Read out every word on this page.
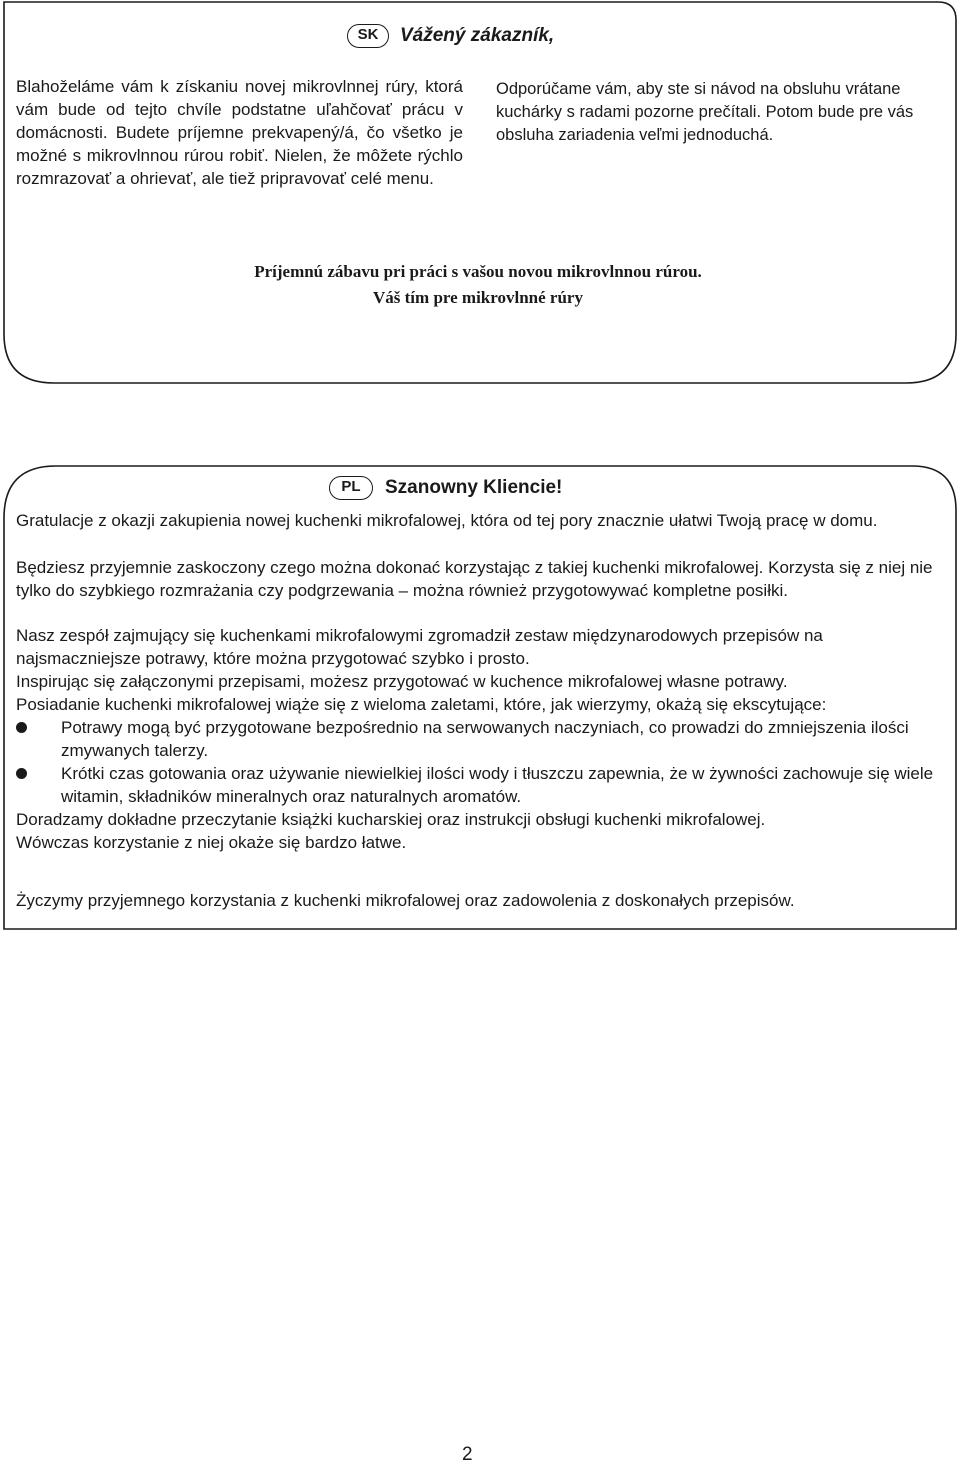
SK	Vážený zákazník,

Blahoželáme vám k získaniu novej mikrovlnnej rúry, ktorá vám bude od tejto chvíle podstatne uľahčovať prácu v domácnosti. Budete príjemne prekvapený/á, čo všetko je možné s mikrovlnnou rúrou robiť. Nielen, že môžete rýchlo rozmrazovať a ohrievať, ale tiež pripravovať celé menu.

Odporúčame vám, aby ste si návod na obsluhu vrátane kuchárky s radami pozorne prečítali. Potom bude pre vás obsluha zariadenia veľmi jednoduchá.

Príjemnú zábavu pri práci s vašou novou mikrovlnnou rúrou.
Váš tím pre mikrovlnné rúry
PL	Szanowny Kliencie!

Gratulacje z okazji zakupienia nowej kuchenki mikrofalowej, która od tej pory znacznie ułatwi Twoją pracę w domu.

Będziesz przyjemnie zaskoczony czego można dokonać korzystając z takiej kuchenki mikrofalowej. Korzysta się z niej nie tylko do szybkiego rozmrażania czy podgrzewania – można również przygotowywać kompletne posiłki.

Nasz zespół zajmujący się kuchenkami mikrofalowymi zgromadził zestaw międzynarodowych przepisów na najsmaczniejsze potrawy, które można przygotować szybko i prosto.

Inspirując się załączonymi przepisami, możesz przygotować w kuchence mikrofalowej własne potrawy.

Posiadanie kuchenki mikrofalowej wiąże się z wieloma zaletami, które, jak wierzymy, okażą się ekscytujące:

Potrawy mogą być przygotowane bezpośrednio na serwowanych naczyniach, co prowadzi do zmniejszenia ilości zmywanych talerzy.

Krótki czas gotowania oraz używanie niewielkiej ilości wody i tłuszczu zapewnia, że w żywności zachowuje się wiele witamin, składników mineralnych oraz naturalnych aromatów.

Doradzamy dokładne przeczytanie książki kucharskiej oraz instrukcji obsługi kuchenki mikrofalowej.

Wówczas korzystanie z niej okaże się bardzo łatwe.

Życzymy przyjemnego korzystania z kuchenki mikrofalowej oraz zadowolenia z doskonałych przepisów.

2
